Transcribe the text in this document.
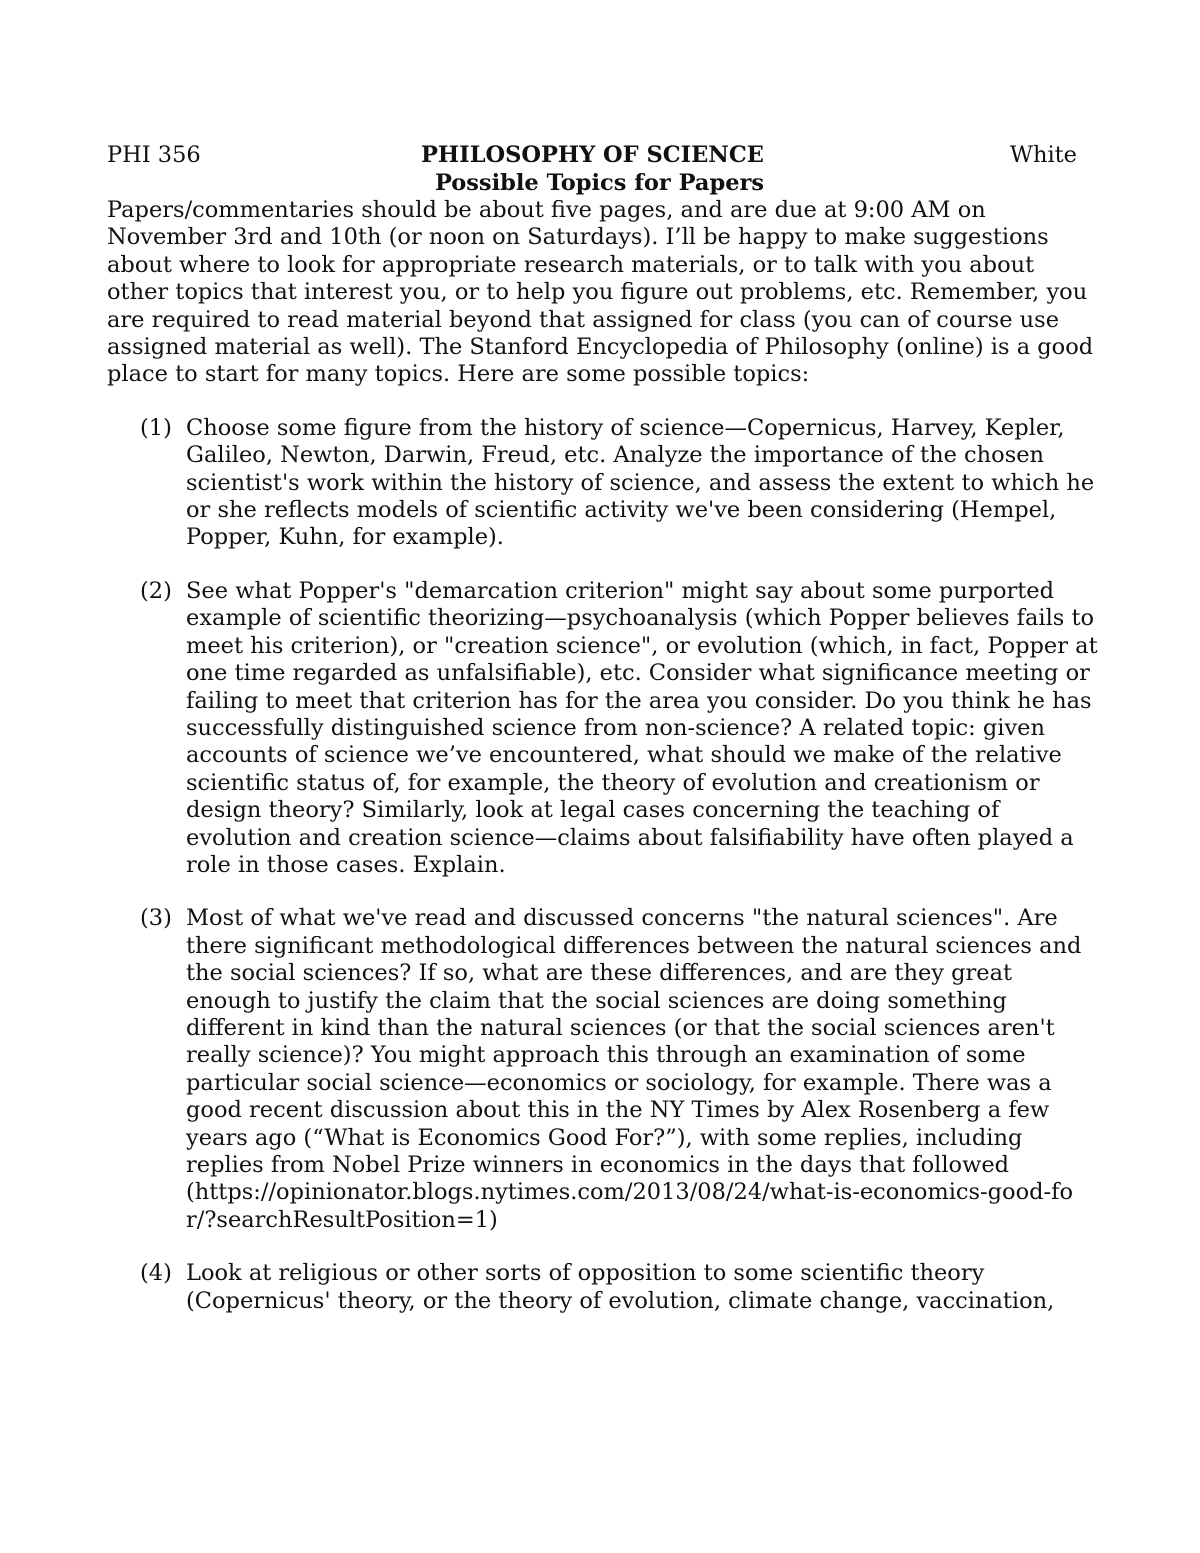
PHI 356	PHILOSOPHY OF SCIENCE	White
Possible Topics for Papers

Papers/commentaries should be about five pages, and are due at 9:00 AM on November 3rd and 10th (or noon on Saturdays). I’ll be happy to make suggestions about where to look for appropriate research materials, or to talk with you about other topics that interest you, or to help you figure out problems, etc. Remember, you are required to read material beyond that assigned for class (you can of course use assigned material as well). The Stanford Encyclopedia of Philosophy (online) is a good place to start for many topics. Here are some possible topics:

(1) Choose some figure from the history of science—Copernicus, Harvey, Kepler, Galileo, Newton, Darwin, Freud, etc. Analyze the importance of the chosen scientist's work within the history of science, and assess the extent to which he or she reflects models of scientific activity we've been considering (Hempel, Popper, Kuhn, for example).

(2) See what Popper's "demarcation criterion" might say about some purported example of scientific theorizing—psychoanalysis (which Popper believes fails to meet his criterion), or "creation science", or evolution (which, in fact, Popper at one time regarded as unfalsifiable), etc. Consider what significance meeting or failing to meet that criterion has for the area you consider. Do you think he has successfully distinguished science from non-science? A related topic: given accounts of science we’ve encountered, what should we make of the relative scientific status of, for example, the theory of evolution and creationism or design theory? Similarly, look at legal cases concerning the teaching of evolution and creation science—claims about falsifiability have often played a role in those cases. Explain.

(3) Most of what we've read and discussed concerns "the natural sciences". Are there significant methodological differences between the natural sciences and the social sciences? If so, what are these differences, and are they great enough to justify the claim that the social sciences are doing something different in kind than the natural sciences (or that the social sciences aren't really science)? You might approach this through an examination of some particular social science—economics or sociology, for example. There was a good recent discussion about this in the NY Times by Alex Rosenberg a few years ago (“What is Economics Good For?”), with some replies, including replies from Nobel Prize winners in economics in the days that followed

(https://opinionator.blogs.nytimes.com/2013/08/24/what-is-economics-good-for/?searchResultPosition=1)

(4) Look at religious or other sorts of opposition to some scientific theory (Copernicus' theory, or the theory of evolution, climate change, vaccination,
